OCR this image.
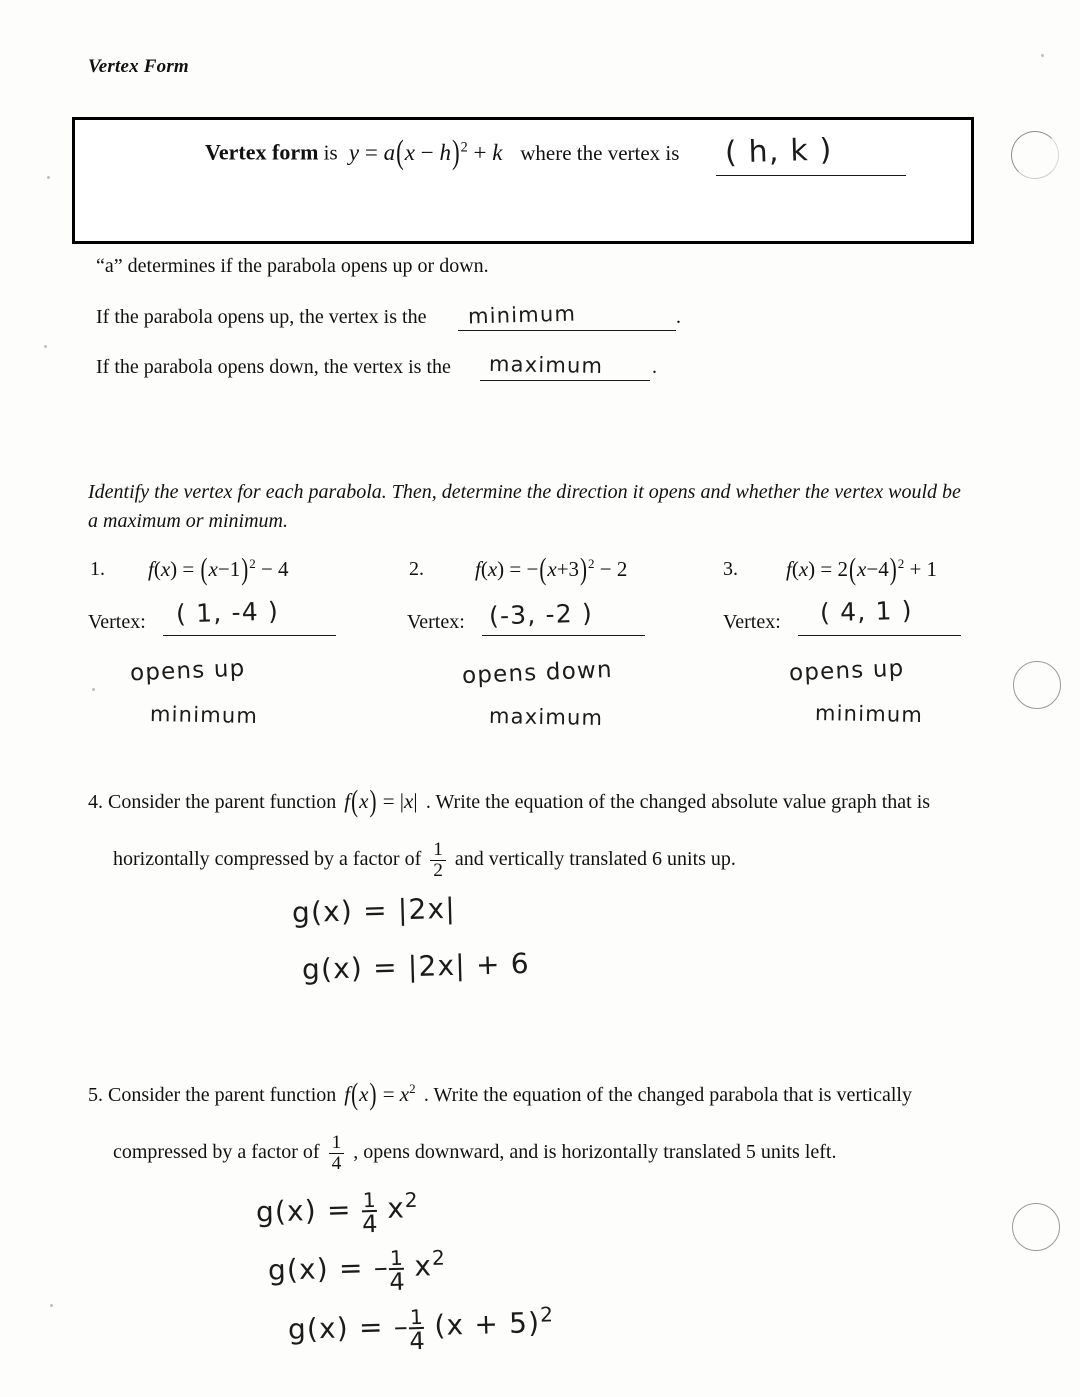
Vertex Form
Vertex form is $y = a(x - h)^2 + k$ where the vertex is ( h, k )
“a” determines if the parabola opens up or down.
If the parabola opens up, the vertex is the minimum	.
If the parabola opens down, the vertex is the maximum .
Identify the vertex for each parabola. Then, determine the direction it opens and whether the vertex would be a maximum or minimum.
1. $f(x) = (x-1)^2 - 4$
Vertex: ( 1, -4 )
opens up
minimum
2. $f(x) = -(x+3)^2 - 2$
Vertex: (-3, -2 )
opens down
maximum
3. $f(x) = 2(x-4)^2 + 1$
Vertex: ( 4, 1 )
opens up
minimum
4. Consider the parent function f(x) = |x| . Write the equation of the changed absolute value graph that is
horizontally compressed by a factor of $\frac{1}{2}$ and vertically translated 6 units up.
g(x) = |2x|
g(x) = |2x| + 6
5. Consider the parent function $f(x) = x^2$ . Write the equation of the changed parabola that is vertically
compressed by a factor of $\frac{1}{4}$ , opens downward, and is horizontally translated 5 units left.
g(x) = 1
4 $x^2$
g(x) = – 1
4 $x^2$
g(x) = – 1
4 $(x + 5)^2$
